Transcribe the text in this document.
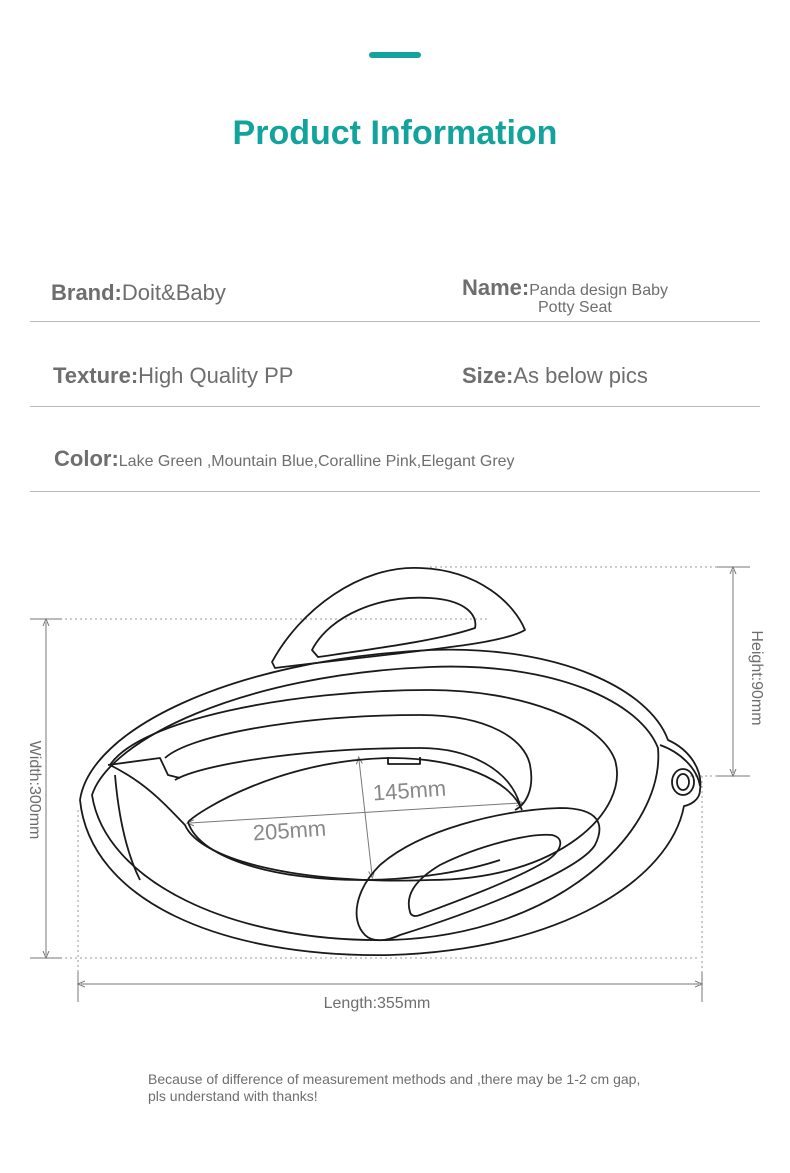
Product Information
Brand:Doit&Baby	Name:Panda design Baby
Potty Seat
Texture:High Quality PP	Size:As below pics
Color:Lake Green ,Mountain Blue,Coralline Pink,Elegant Grey
Width:300mm
Height:90mm
Length:355mm
205mm
145mm
Because of difference of measurement methods and ,there may be 1-2 cm gap,
pls understand with thanks!
